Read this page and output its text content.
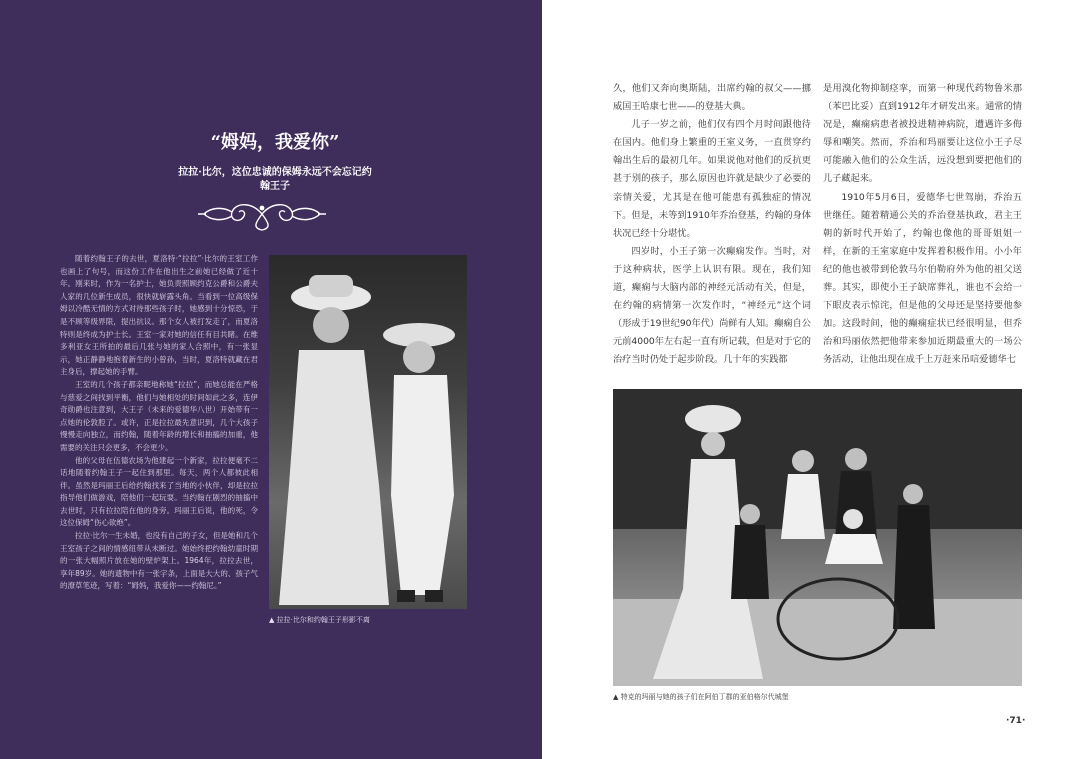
“姆妈，我爱你”
拉拉·比尔，这位忠诚的保姆永远不会忘记约
翰王子

随着约翰王子的去世，夏洛特·“拉拉”·比尔的王室工作也画上了句号，而这份工作在他出生之前她已经做了近十年。刚来时，作为一名护士，她负责照顾约克公爵和公爵夫人家的几位新生成员，很快就崭露头角。当看到一位高级保姆以冷酷无情的方式对待那些孩子时，她感到十分惊恐，于是不顾等级界限，提出抗议。那个女人被打发走了，而夏洛特则是终成为护士长。王室一家对她的信任有目共睹。在维多利亚女王所拍的最后几张与她的家人合照中，有一张显示，她正静静地抱着新生的小曾孙，当时，夏洛特就藏在君主身后，撑起她的手臂。

王室的几个孩子都亲昵地称她“拉拉”，而她总能在严格与慈爱之间找到平衡，他们与她相处的时间如此之多，连伊奇勋爵也注意到，大王子（未来的爱德华八世）开始带有一点她的伦敦腔了。或许，正是拉拉最先意识到，几个大孩子慢慢走向独立，而约翰，随着年龄的增长和抽搐的加重，他需要的关注只会更多，不会更少。

他的父母在伍德农场为他建起一个新家，拉拉便毫不二话地随着约翰王子一起住到那里。每天，两个人都彼此相伴。虽然是玛丽王后给约翰找来了当地的小伙伴，却是拉拉指导他们做游戏，陪他们一起玩耍。当约翰在剧烈的抽搐中去世时，只有拉拉陪在他的身旁。玛丽王后说，他的死，令这位保姆“伤心欲绝”。

拉拉·比尔一生未婚，也没有自己的子女，但是她和几个王室孩子之间的情感纽带从未断过。她始终把约翰幼童时期的一张大幅照片放在她的壁炉架上。1964年，拉拉去世，享年89岁。她的遗物中有一张字条，上面是大大的、孩子气的潦草笔迹，写着：“姆妈，我爱你——约翰尼。”

▲ 拉拉·比尔和约翰王子形影不离

久，他们又奔向奥斯陆，出席约翰的叔父——挪威国王哈康七世——的登基大典。

儿子一岁之前，他们仅有四个月时间跟他待在国内。他们身上繁重的王室义务，一直贯穿约翰出生后的最初几年。如果说他对他们的反抗更甚于别的孩子，那么原因也许就是缺少了必要的亲情关爱，尤其是在他可能患有孤独症的情况下。但是，未等到1910年乔治登基，约翰的身体状况已经十分堪忧。

四岁时，小王子第一次癫痫发作。当时，对于这种病状，医学上认识有限。现在，我们知道，癫痫与大脑内部的神经元活动有关，但是，在约翰的病情第一次发作时，“神经元”这个词（形成于19世纪90年代）尚鲜有人知。癫痫自公元前4000年左右起一直有所记载，但是对于它的治疗当时仍处于起步阶段。几十年的实践都

是用溴化物抑制痉挛，而第一种现代药物鲁米那（苯巴比妥）直到1912年才研发出来。通常的情况是，癫痫病患者被投进精神病院，遭遇许多侮辱和嘲笑。然而，乔治和玛丽要让这位小王子尽可能融入他们的公众生活，远没想到要把他们的儿子藏起来。

1910年5月6日，爱德华七世驾崩，乔治五世继任。随着精通公关的乔治登基执政，君主王朝的新时代开始了，约翰也像他的哥哥姐姐一样，在新的王室家庭中发挥着积极作用。小小年纪的他也被带到伦敦马尔伯勒府外为他的祖父送葬。其实，即使小王子缺席葬礼，谁也不会给一下眼皮表示惊诧，但是他的父母还是坚持要他参加。这段时间，他的癫痫症状已经很明显，但乔治和玛丽依然把他带来参加近期最重大的一场公务活动，让他出现在成千上万赶来吊唁爱德华七

▲ 特克的玛丽与她的孩子们在阿伯丁郡的亚伯格尔代城堡
·71·
